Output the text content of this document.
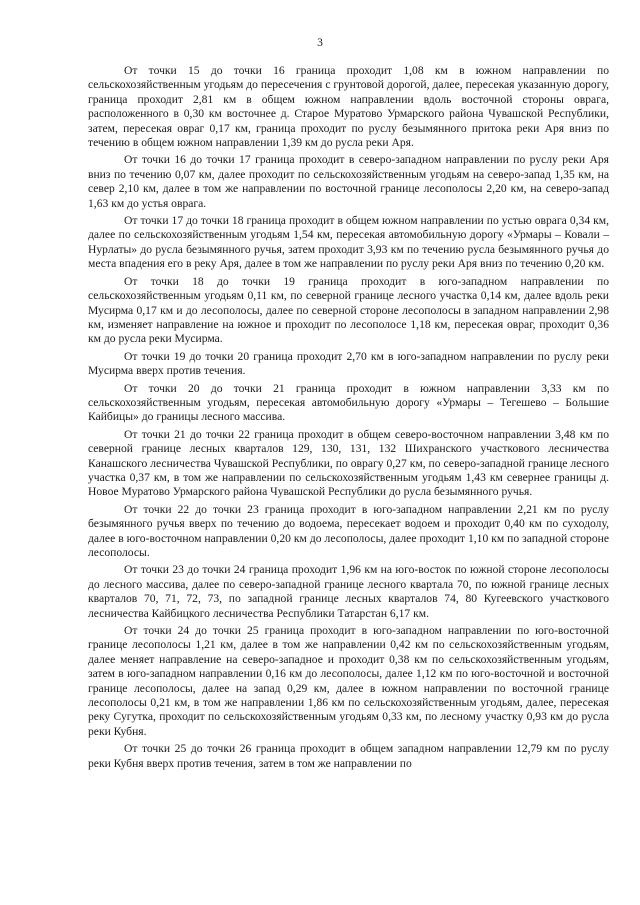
3

От точки 15 до точки 16 граница проходит 1,08 км в южном направлении по сельскохозяйственным угодьям до пересечения с грунтовой дорогой, далее, пересекая указанную дорогу, граница проходит 2,81 км в общем южном направлении вдоль восточной стороны оврага, расположенного в 0,30 км восточнее д. Старое Муратово Урмарского района Чувашской Республики, затем, пересекая овраг 0,17 км, граница проходит по руслу безымянного притока реки Аря вниз по течению в общем южном направлении 1,39 км до русла реки Аря.

От точки 16 до точки 17 граница проходит в северо-западном направлении по руслу реки Аря вниз по течению 0,07 км, далее проходит по сельскохозяйственным угодьям на северо-запад 1,35 км, на север 2,10 км, далее в том же направлении по восточной границе лесополосы 2,20 км, на северо-запад 1,63 км до устья оврага.

От точки 17 до точки 18 граница проходит в общем южном направлении по устью оврага 0,34 км, далее по сельскохозяйственным угодьям 1,54 км, пересекая автомобильную дорогу «Урмары – Ковали – Нурлаты» до русла безымянного ручья, затем проходит 3,93 км по течению русла безымянного ручья до места впадения его в реку Аря, далее в том же направлении по руслу реки Аря вниз по течению 0,20 км.

От точки 18 до точки 19 граница проходит в юго-западном направлении по сельскохозяйственным угодьям 0,11 км, по северной границе лесного участка 0,14 км, далее вдоль реки Мусирма 0,17 км и до лесополосы, далее по северной стороне лесополосы в западном направлении 2,98 км, изменяет направление на южное и проходит по лесополосе 1,18 км, пересекая овраг, проходит 0,36 км до русла реки Мусирма.

От точки 19 до точки 20 граница проходит 2,70 км в юго-западном направлении по руслу реки Мусирма вверх против течения.

От точки 20 до точки 21 граница проходит в южном направлении 3,33 км по сельскохозяйственным угодьям, пересекая автомобильную дорогу «Урмары – Тегешево – Большие Кайбицы» до границы лесного массива.

От точки 21 до точки 22 граница проходит в общем северо-восточном направлении 3,48 км по северной границе лесных кварталов 129, 130, 131, 132 Шихранского участкового лесничества Канашского лесничества Чувашской Республики, по оврагу 0,27 км, по северо-западной границе лесного участка 0,37 км, в том же направлении по сельскохозяйственным угодьям 1,43 км севернее границы д. Новое Муратово Урмарского района Чувашской Республики до русла безымянного ручья.

От точки 22 до точки 23 граница проходит в юго-западном направлении 2,21 км по руслу безымянного ручья вверх по течению до водоема, пересекает водоем и проходит 0,40 км по суходолу, далее в юго-восточном направлении 0,20 км до лесополосы, далее проходит 1,10 км по западной стороне лесополосы.

От точки 23 до точки 24 граница проходит 1,96 км на юго-восток по южной стороне лесополосы до лесного массива, далее по северо-западной границе лесного квартала 70, по южной границе лесных кварталов 70, 71, 72, 73, по западной границе лесных кварталов 74, 80 Кугеевского участкового лесничества Кайбицкого лесничества Республики Татарстан 6,17 км.

От точки 24 до точки 25 граница проходит в юго-западном направлении по юго-восточной границе лесополосы 1,21 км, далее в том же направлении 0,42 км по сельскохозяйственным угодьям, далее меняет направление на северо-западное и проходит 0,38 км по сельскохозяйственным угодьям, затем в юго-западном направлении 0,16 км до лесополосы, далее 1,12 км по юго-восточной и восточной границе лесополосы, далее на запад 0,29 км, далее в южном направлении по восточной границе лесополосы 0,21 км, в том же направлении 1,86 км по сельскохозяйственным угодьям, далее, пересекая реку Сугутка, проходит по сельскохозяйственным угодьям 0,33 км, по лесному участку 0,93 км до русла реки Кубня.

От точки 25 до точки 26 граница проходит в общем западном направлении 12,79 км по руслу реки Кубня вверх против течения, затем в том же направлении по
